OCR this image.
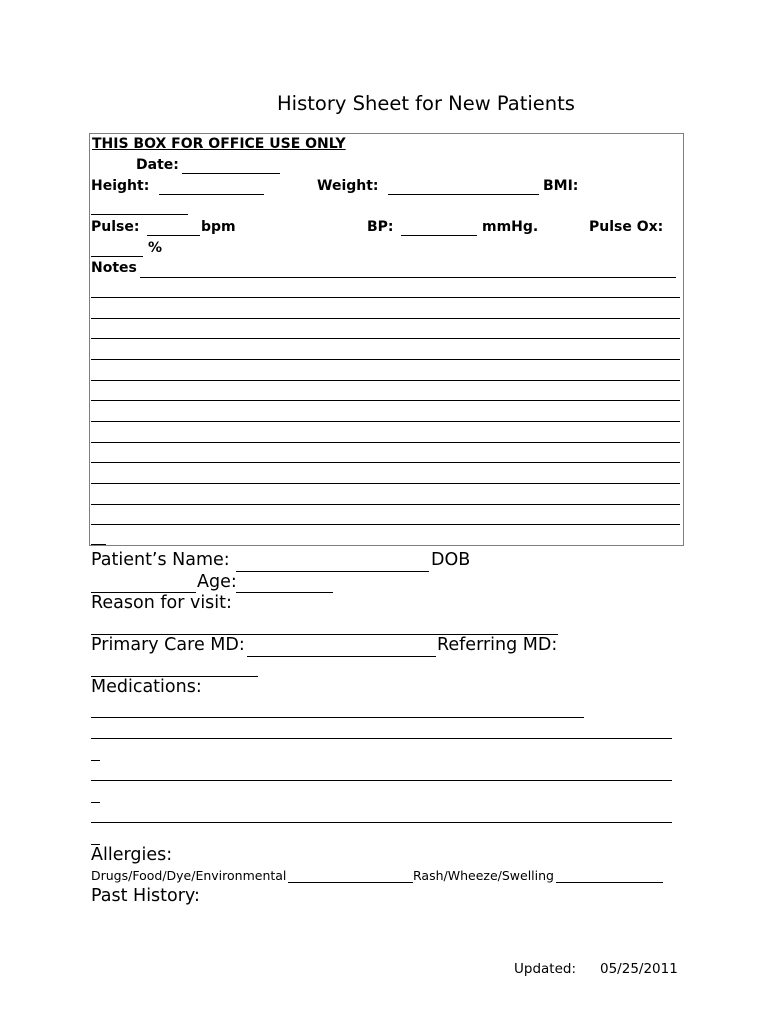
History Sheet for New Patients
THIS BOX FOR OFFICE USE ONLY
Date:
Height:	Weight:	BMI:
Pulse:	bpm	BP:	mmHg.	Pulse Ox:
%
Notes
Patient’s Name:	DOB
Age:
Reason for visit:
Primary Care MD:	Referring MD:
Medications:
Allergies:
Drugs/Food/Dye/Environmental	Rash/Wheeze/Swelling
Past History:
Updated: 05/25/2011
